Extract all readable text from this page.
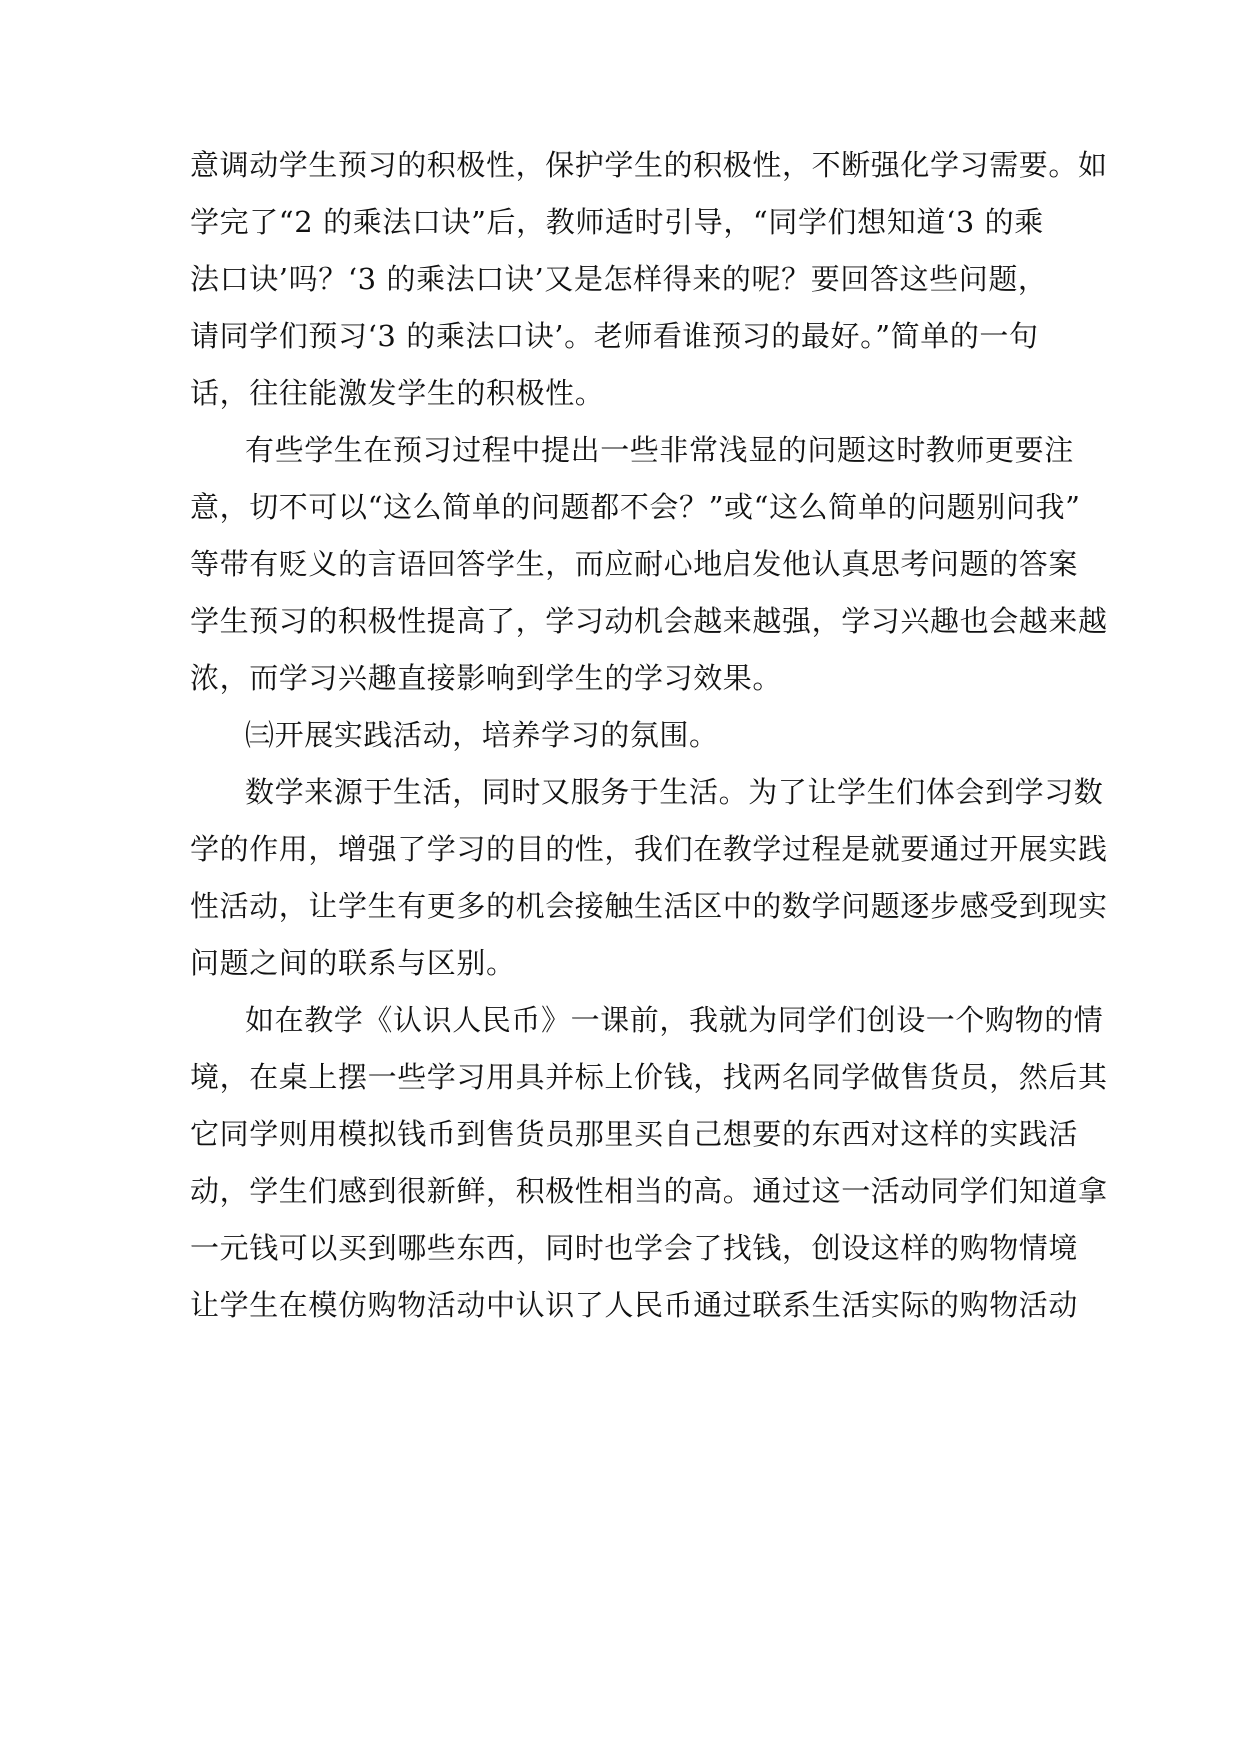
意调动学生预习的积极性，保护学生的积极性，不断强化学习需要。如
学完了“2 的乘法口诀”后，教师适时引导，“同学们想知道‘3 的乘
法口诀’吗？‘3 的乘法口诀’又是怎样得来的呢？要回答这些问题，
请同学们预习‘3 的乘法口诀’。老师看谁预习的最好。”简单的一句
话，往往能激发学生的积极性。
有些学生在预习过程中提出一些非常浅显的问题这时教师更要注
意，切不可以“这么简单的问题都不会？”或“这么简单的问题别问我”
等带有贬义的言语回答学生，而应耐心地启发他认真思考问题的答案
学生预习的积极性提高了，学习动机会越来越强，学习兴趣也会越来越
浓，而学习兴趣直接影响到学生的学习效果。
㈢开展实践活动，培养学习的氛围。
数学来源于生活，同时又服务于生活。为了让学生们体会到学习数
学的作用，增强了学习的目的性，我们在教学过程是就要通过开展实践
性活动，让学生有更多的机会接触生活区中的数学问题逐步感受到现实
问题之间的联系与区别。
如在教学《认识人民币》一课前，我就为同学们创设一个购物的情
境，在桌上摆一些学习用具并标上价钱，找两名同学做售货员，然后其
它同学则用模拟钱币到售货员那里买自己想要的东西对这样的实践活
动，学生们感到很新鲜，积极性相当的高。通过这一活动同学们知道拿
一元钱可以买到哪些东西，同时也学会了找钱，创设这样的购物情境
让学生在模仿购物活动中认识了人民币通过联系生活实际的购物活动
